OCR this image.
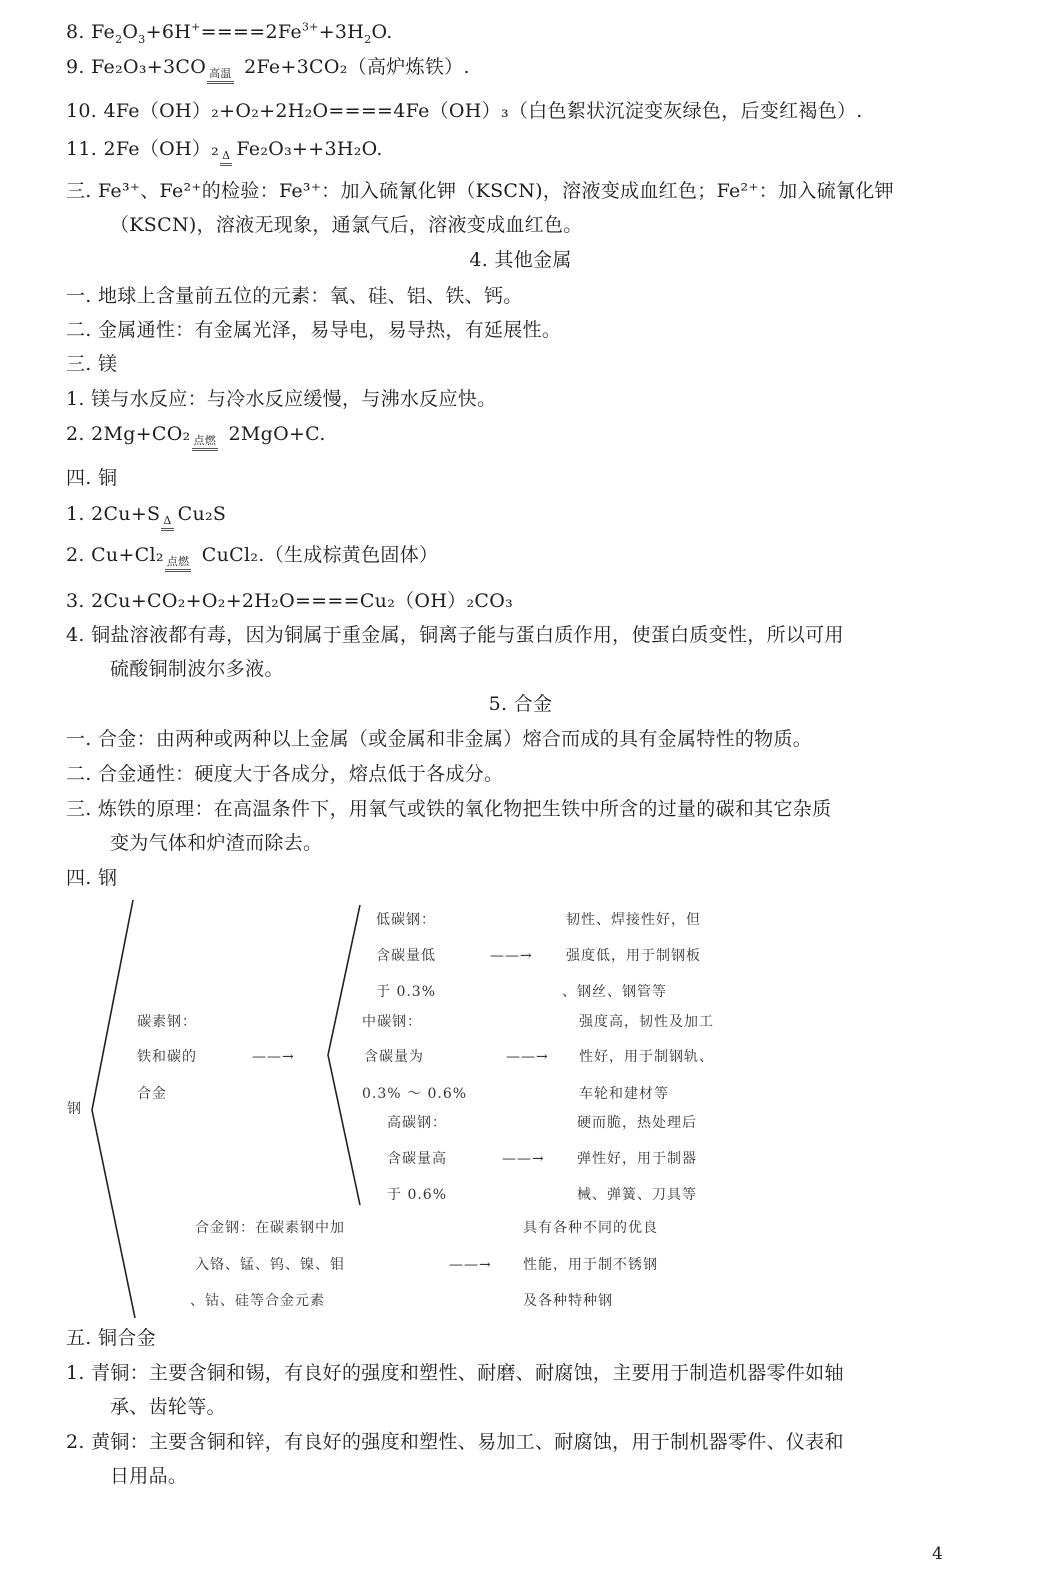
8. $Fe_2O_3+6H^+====2Fe^{3+}+3H_2O$.
9. Fe₂O₃+3CO 高温 2Fe+3CO₂（高炉炼铁）.
10. 4Fe（OH）₂+O₂+2H₂O====4Fe（OH）₃（白色絮状沉淀变灰绿色，后变红褐色）.
11. 2Fe（OH）₂ Δ Fe₂O₃++3H₂O.
三. Fe³⁺、Fe²⁺的检验：Fe³⁺：加入硫氰化钾（KSCN)，溶液变成血红色；Fe²⁺：加入硫氰化钾
（KSCN)，溶液无现象，通氯气后，溶液变成血红色。
4. 其他金属
一. 地球上含量前五位的元素：氧、硅、铝、铁、钙。
二. 金属通性：有金属光泽，易导电，易导热，有延展性。
三. 镁
1. 镁与水反应：与冷水反应缓慢，与沸水反应快。
2. 2Mg+CO₂ 点燃 2MgO+C.
四. 铜
1. 2Cu+S Δ Cu₂S
2. Cu+Cl₂ 点燃 CuCl₂.（生成棕黄色固体）
3. 2Cu+CO₂+O₂+2H₂O====Cu₂（OH）₂CO₃
4. 铜盐溶液都有毒，因为铜属于重金属，铜离子能与蛋白质作用，使蛋白质变性，所以可用
硫酸铜制波尔多液。
5. 合金
一. 合金：由两种或两种以上金属（或金属和非金属）熔合而成的具有金属特性的物质。
二. 合金通性：硬度大于各成分，熔点低于各成分。
三. 炼铁的原理：在高温条件下，用氧气或铁的氧化物把生铁中所含的过量的碳和其它杂质
变为气体和炉渣而除去。
四. 钢
钢
碳素钢：
铁和碳的
合金
——→
低碳钢：
含碳量低
于 0.3%
——→
韧性、焊接性好，但
强度低，用于制钢板
、钢丝、钢管等
中碳钢：
含碳量为
0.3% ～ 0.6%
——→
强度高，韧性及加工
性好，用于制钢轨、
车轮和建材等
高碳钢：
含碳量高
于 0.6%
——→
硬而脆，热处理后
弹性好，用于制器
械、弹簧、刀具等
合金钢：在碳素钢中加
入铬、锰、钨、镍、钼
、钴、硅等合金元素
——→
具有各种不同的优良
性能，用于制不锈钢
及各种特种钢
五. 铜合金
1. 青铜：主要含铜和锡，有良好的强度和塑性、耐磨、耐腐蚀，主要用于制造机器零件如轴
承、齿轮等。
2. 黄铜：主要含铜和锌，有良好的强度和塑性、易加工、耐腐蚀，用于制机器零件、仪表和
日用品。
4
